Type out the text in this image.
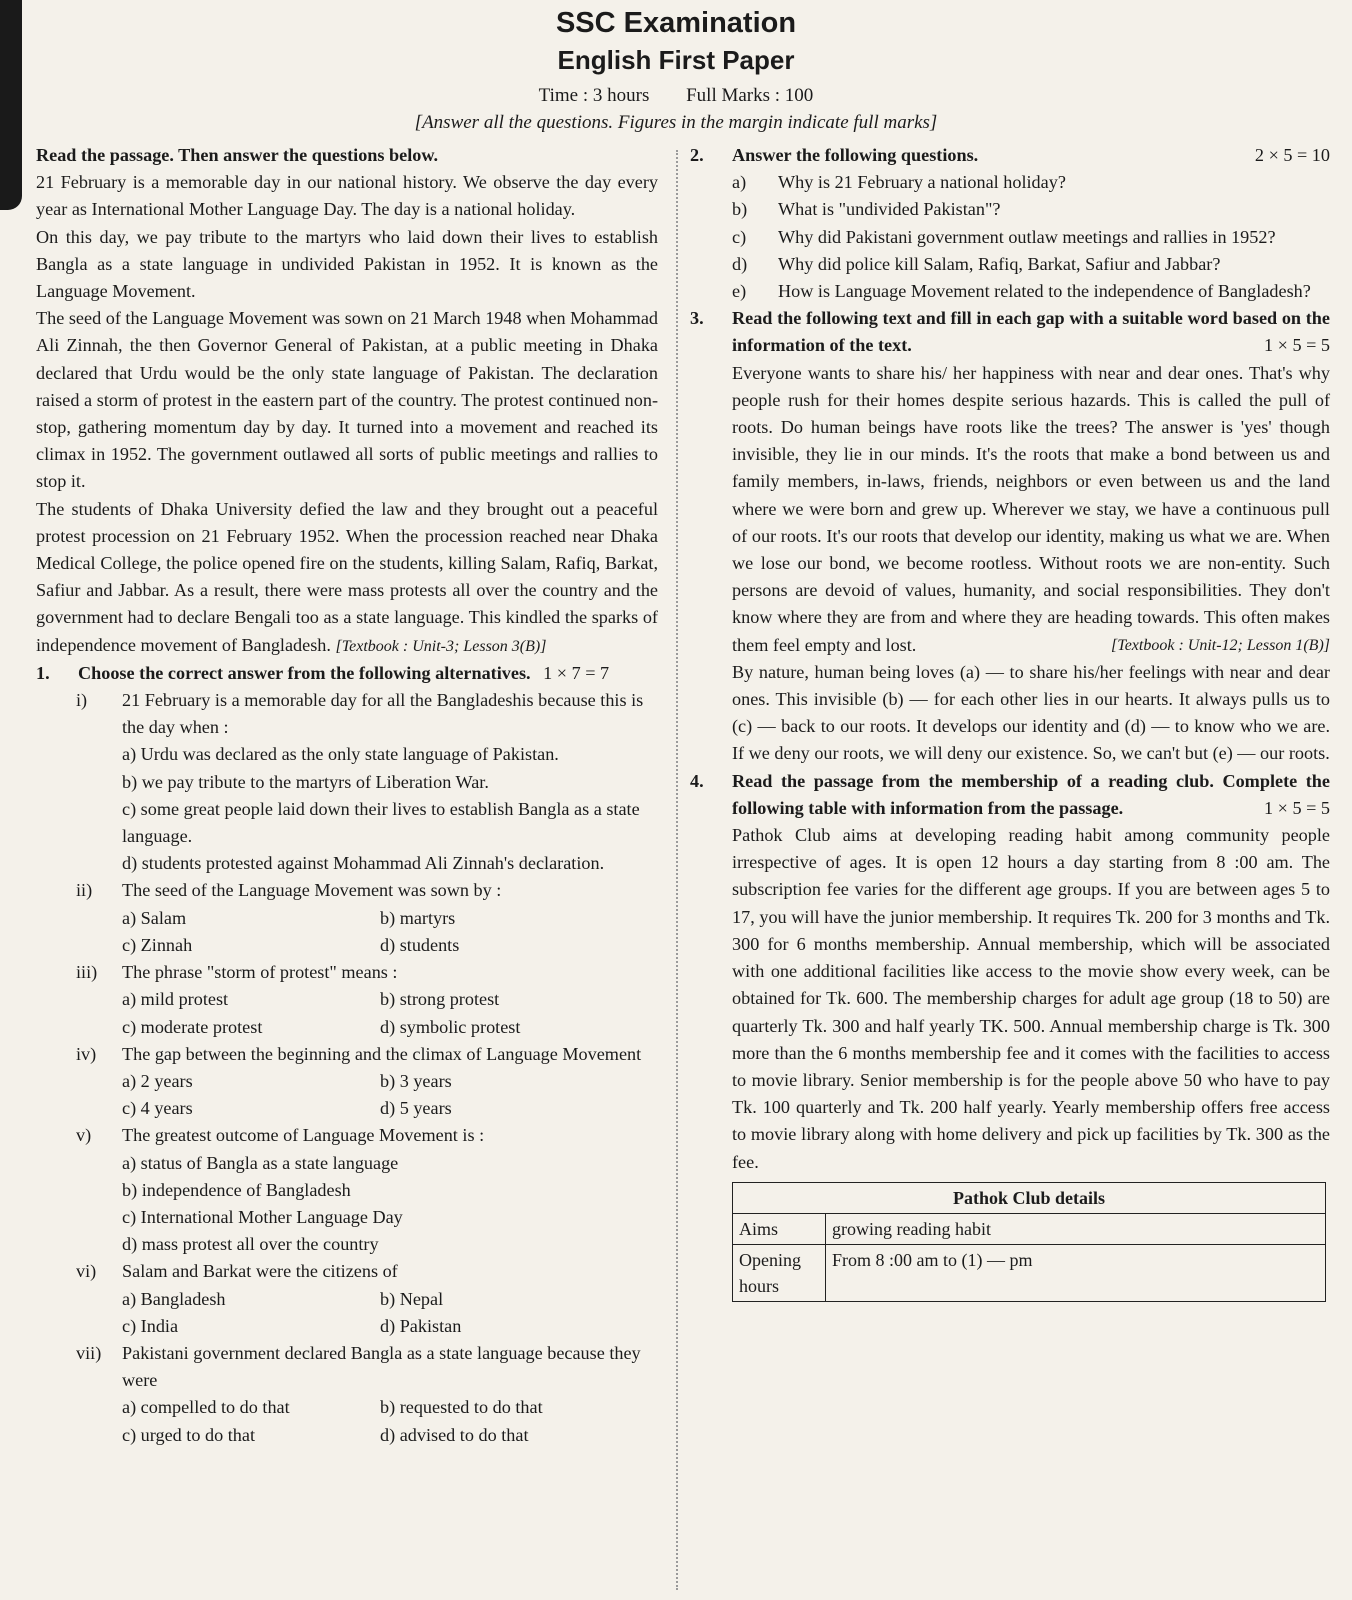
SSC Examination
English First Paper
Time : 3 hours Full Marks : 100
[Answer all the questions. Figures in the margin indicate full marks]

Read the passage. Then answer the questions below.

21 February is a memorable day in our national history. We observe the day every year as International Mother Language Day. The day is a national holiday.

On this day, we pay tribute to the martyrs who laid down their lives to establish Bangla as a state language in undivided Pakistan in 1952. It is known as the Language Movement.

The seed of the Language Movement was sown on 21 March 1948 when Mohammad Ali Zinnah, the then Governor General of Pakistan, at a public meeting in Dhaka declared that Urdu would be the only state language of Pakistan. The declaration raised a storm of protest in the eastern part of the country. The protest continued non-stop, gathering momentum day by day. It turned into a movement and reached its climax in 1952. The government outlawed all sorts of public meetings and rallies to stop it.

The students of Dhaka University defied the law and they brought out a peaceful protest procession on 21 February 1952. When the procession reached near Dhaka Medical College, the police opened fire on the students, killing Salam, Rafiq, Barkat, Safiur and Jabbar. As a result, there were mass protests all over the country and the government had to declare Bengali too as a state language. This kindled the sparks of independence movement of Bangladesh. [Textbook : Unit-3; Lesson 3(B)]

1.	Choose the correct answer from the following alternatives. 1 × 7 = 7
i)	21 February is a memorable day for all the Bangladeshis because this is the day when :
a) Urdu was declared as the only state language of Pakistan.
b) we pay tribute to the martyrs of Liberation War.
c) some great people laid down their lives to establish Bangla as a state language.
d) students protested against Mohammad Ali Zinnah's declaration.
ii)	The seed of the Language Movement was sown by :
a) Salam	b) martyrs
c) Zinnah	d) students
iii)	The phrase "storm of protest" means :
a) mild protest	b) strong protest
c) moderate protest	d) symbolic protest
iv)	The gap between the beginning and the climax of Language Movement
a) 2 years	b) 3 years
c) 4 years	d) 5 years
v)	The greatest outcome of Language Movement is :
a) status of Bangla as a state language
b) independence of Bangladesh
c) International Mother Language Day
d) mass protest all over the country
vi)	Salam and Barkat were the citizens of
a) Bangladesh	b) Nepal
c) India	d) Pakistan
vii)	Pakistani government declared Bangla as a state language because they were
a) compelled to do that	b) requested to do that
c) urged to do that	d) advised to do that
2.	Answer the following questions.	2 × 5 = 10
a)	Why is 21 February a national holiday?
b)	What is "undivided Pakistan"?
c)	Why did Pakistani government outlaw meetings and rallies in 1952?
d)	Why did police kill Salam, Rafiq, Barkat, Safiur and Jabbar?
e)	How is Language Movement related to the independence of Bangladesh?
3.	Read the following text and fill in each gap with a suitable word based on the information of the text.	1 × 5 = 5

Everyone wants to share his/ her happiness with near and dear ones. That's why people rush for their homes despite serious hazards. This is called the pull of roots. Do human beings have roots like the trees? The answer is 'yes' though invisible, they lie in our minds. It's the roots that make a bond between us and family members, in-laws, friends, neighbors or even between us and the land where we were born and grew up. Wherever we stay, we have a continuous pull of our roots. It's our roots that develop our identity, making us what we are. When we lose our bond, we become rootless. Without roots we are non-entity. Such persons are devoid of values, humanity, and social responsibilities. They don't know where they are from and where they are heading towards. This often makes them feel empty and lost.	[Textbook : Unit-12; Lesson 1(B)]

By nature, human being loves (a) — to share his/her feelings with near and dear ones. This invisible (b) — for each other lies in our hearts. It always pulls us to (c) — back to our roots. It develops our identity and (d) — to know who we are. If we deny our roots, we will deny our existence. So, we can't but (e) — our roots.

4.	Read the passage from the membership of a reading club. Complete the following table with information from the passage.	1 × 5 = 5

Pathok Club aims at developing reading habit among community people irrespective of ages. It is open 12 hours a day starting from 8 :00 am. The subscription fee varies for the different age groups. If you are between ages 5 to 17, you will have the junior membership. It requires Tk. 200 for 3 months and Tk. 300 for 6 months membership. Annual membership, which will be associated with one additional facilities like access to the movie show every week, can be obtained for Tk. 600. The membership charges for adult age group (18 to 50) are quarterly Tk. 300 and half yearly TK. 500. Annual membership charge is Tk. 300 more than the 6 months membership fee and it comes with the facilities to access to movie library. Senior membership is for the people above 50 who have to pay Tk. 100 quarterly and Tk. 200 half yearly. Yearly membership offers free access to movie library along with home delivery and pick up facilities by Tk. 300 as the fee.

Pathok Club details	
Aims	growing reading habit
Opening hours	From 8 :00 am to (1) — pm
